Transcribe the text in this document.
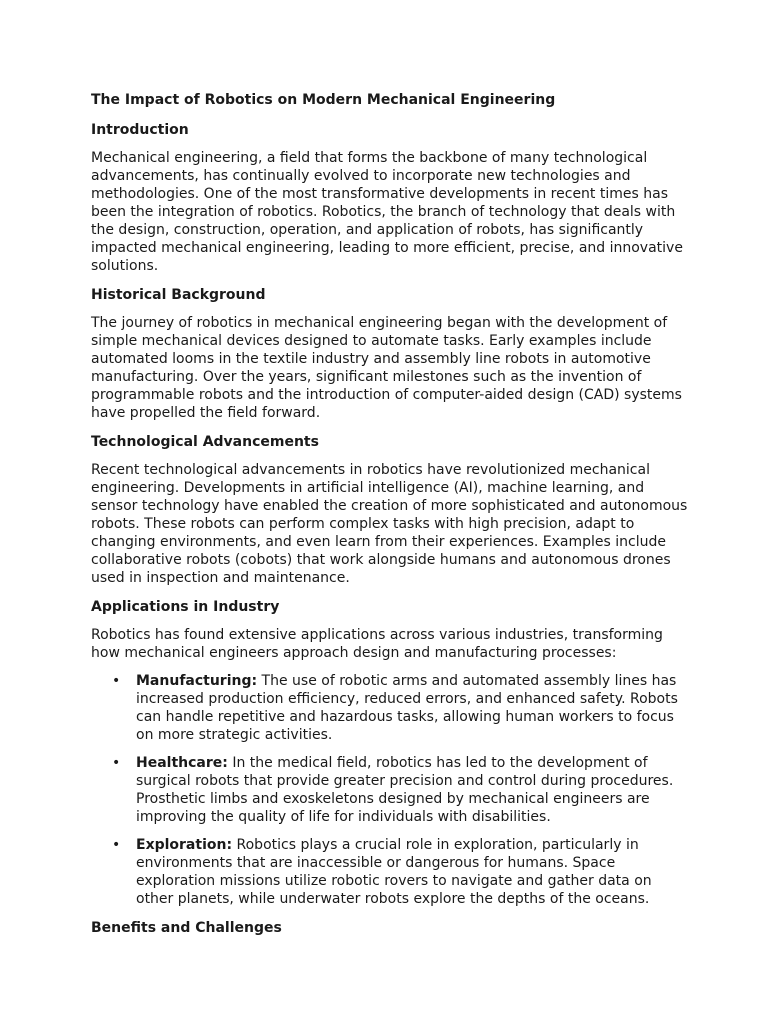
The Impact of Robotics on Modern Mechanical Engineering
Introduction

Mechanical engineering, a field that forms the backbone of many technological advancements, has continually evolved to incorporate new technologies and methodologies. One of the most transformative developments in recent times has been the integration of robotics. Robotics, the branch of technology that deals with the design, construction, operation, and application of robots, has significantly impacted mechanical engineering, leading to more efficient, precise, and innovative solutions.

Historical Background

The journey of robotics in mechanical engineering began with the development of simple mechanical devices designed to automate tasks. Early examples include automated looms in the textile industry and assembly line robots in automotive manufacturing. Over the years, significant milestones such as the invention of programmable robots and the introduction of computer-aided design (CAD) systems have propelled the field forward.

Technological Advancements

Recent technological advancements in robotics have revolutionized mechanical engineering. Developments in artificial intelligence (AI), machine learning, and sensor technology have enabled the creation of more sophisticated and autonomous robots. These robots can perform complex tasks with high precision, adapt to changing environments, and even learn from their experiences. Examples include collaborative robots (cobots) that work alongside humans and autonomous drones used in inspection and maintenance.

Applications in Industry

Robotics has found extensive applications across various industries, transforming how mechanical engineers approach design and manufacturing processes:

• Manufacturing: The use of robotic arms and automated assembly lines has increased production efficiency, reduced errors, and enhanced safety. Robots can handle repetitive and hazardous tasks, allowing human workers to focus on more strategic activities.
• Healthcare: In the medical field, robotics has led to the development of surgical robots that provide greater precision and control during procedures. Prosthetic limbs and exoskeletons designed by mechanical engineers are improving the quality of life for individuals with disabilities.
• Exploration: Robotics plays a crucial role in exploration, particularly in environments that are inaccessible or dangerous for humans. Space exploration missions utilize robotic rovers to navigate and gather data on other planets, while underwater robots explore the depths of the oceans.
Benefits and Challenges
